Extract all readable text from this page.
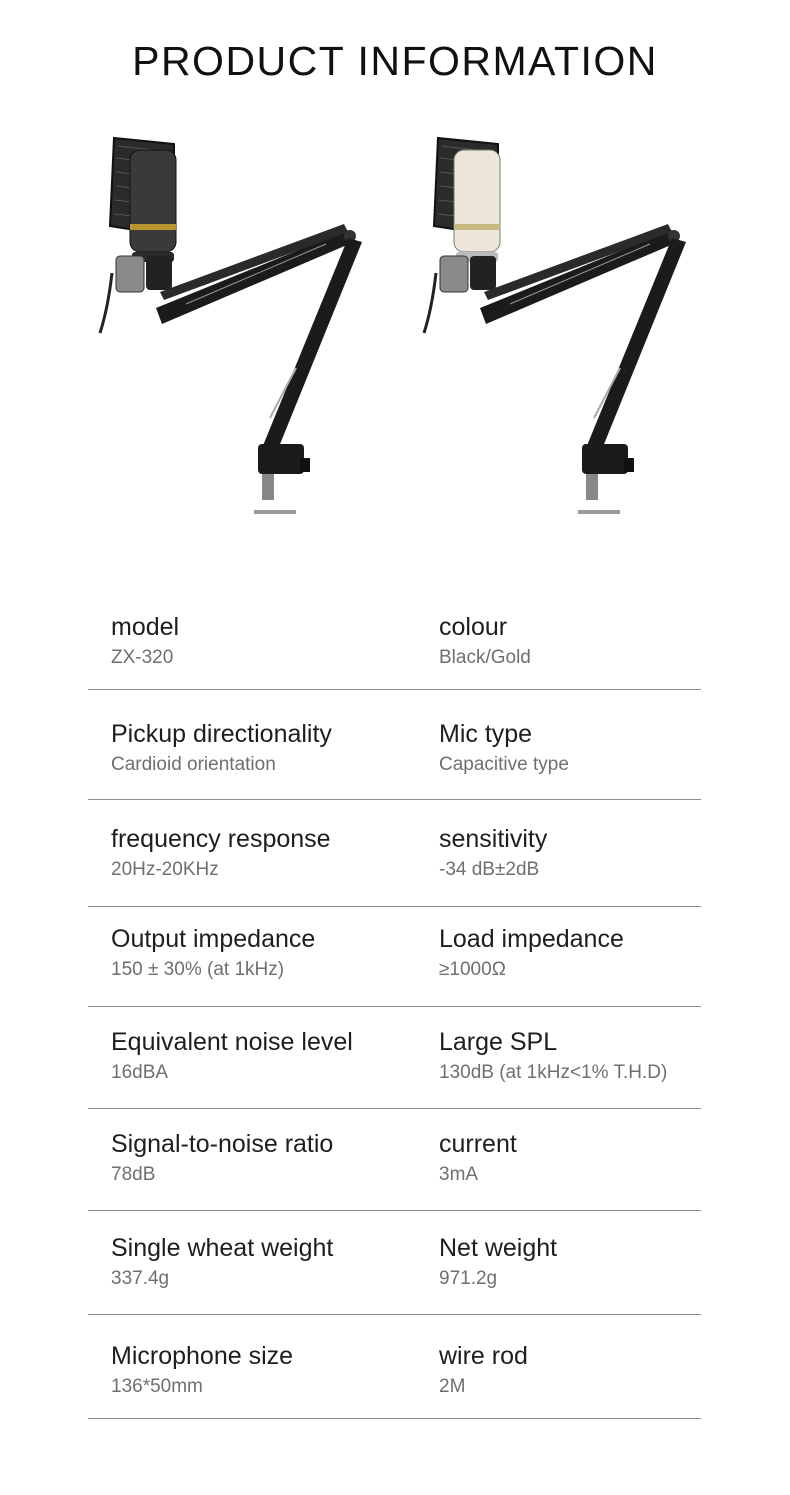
PRODUCT INFORMATION
model
ZX-320
colour
Black/Gold
Pickup directionality
Cardioid orientation
Mic type
Capacitive type
frequency response
20Hz-20KHz
sensitivity
-34 dB±2dB
Output impedance
150 ± 30% (at 1kHz)
Load impedance
≥1000Ω
Equivalent noise level
16dBA
Large SPL
130dB (at 1kHz<1% T.H.D)
Signal-to-noise ratio
78dB
current
3mA
Single wheat weight
337.4g
Net weight
971.2g
Microphone size
136*50mm
wire rod
2M
